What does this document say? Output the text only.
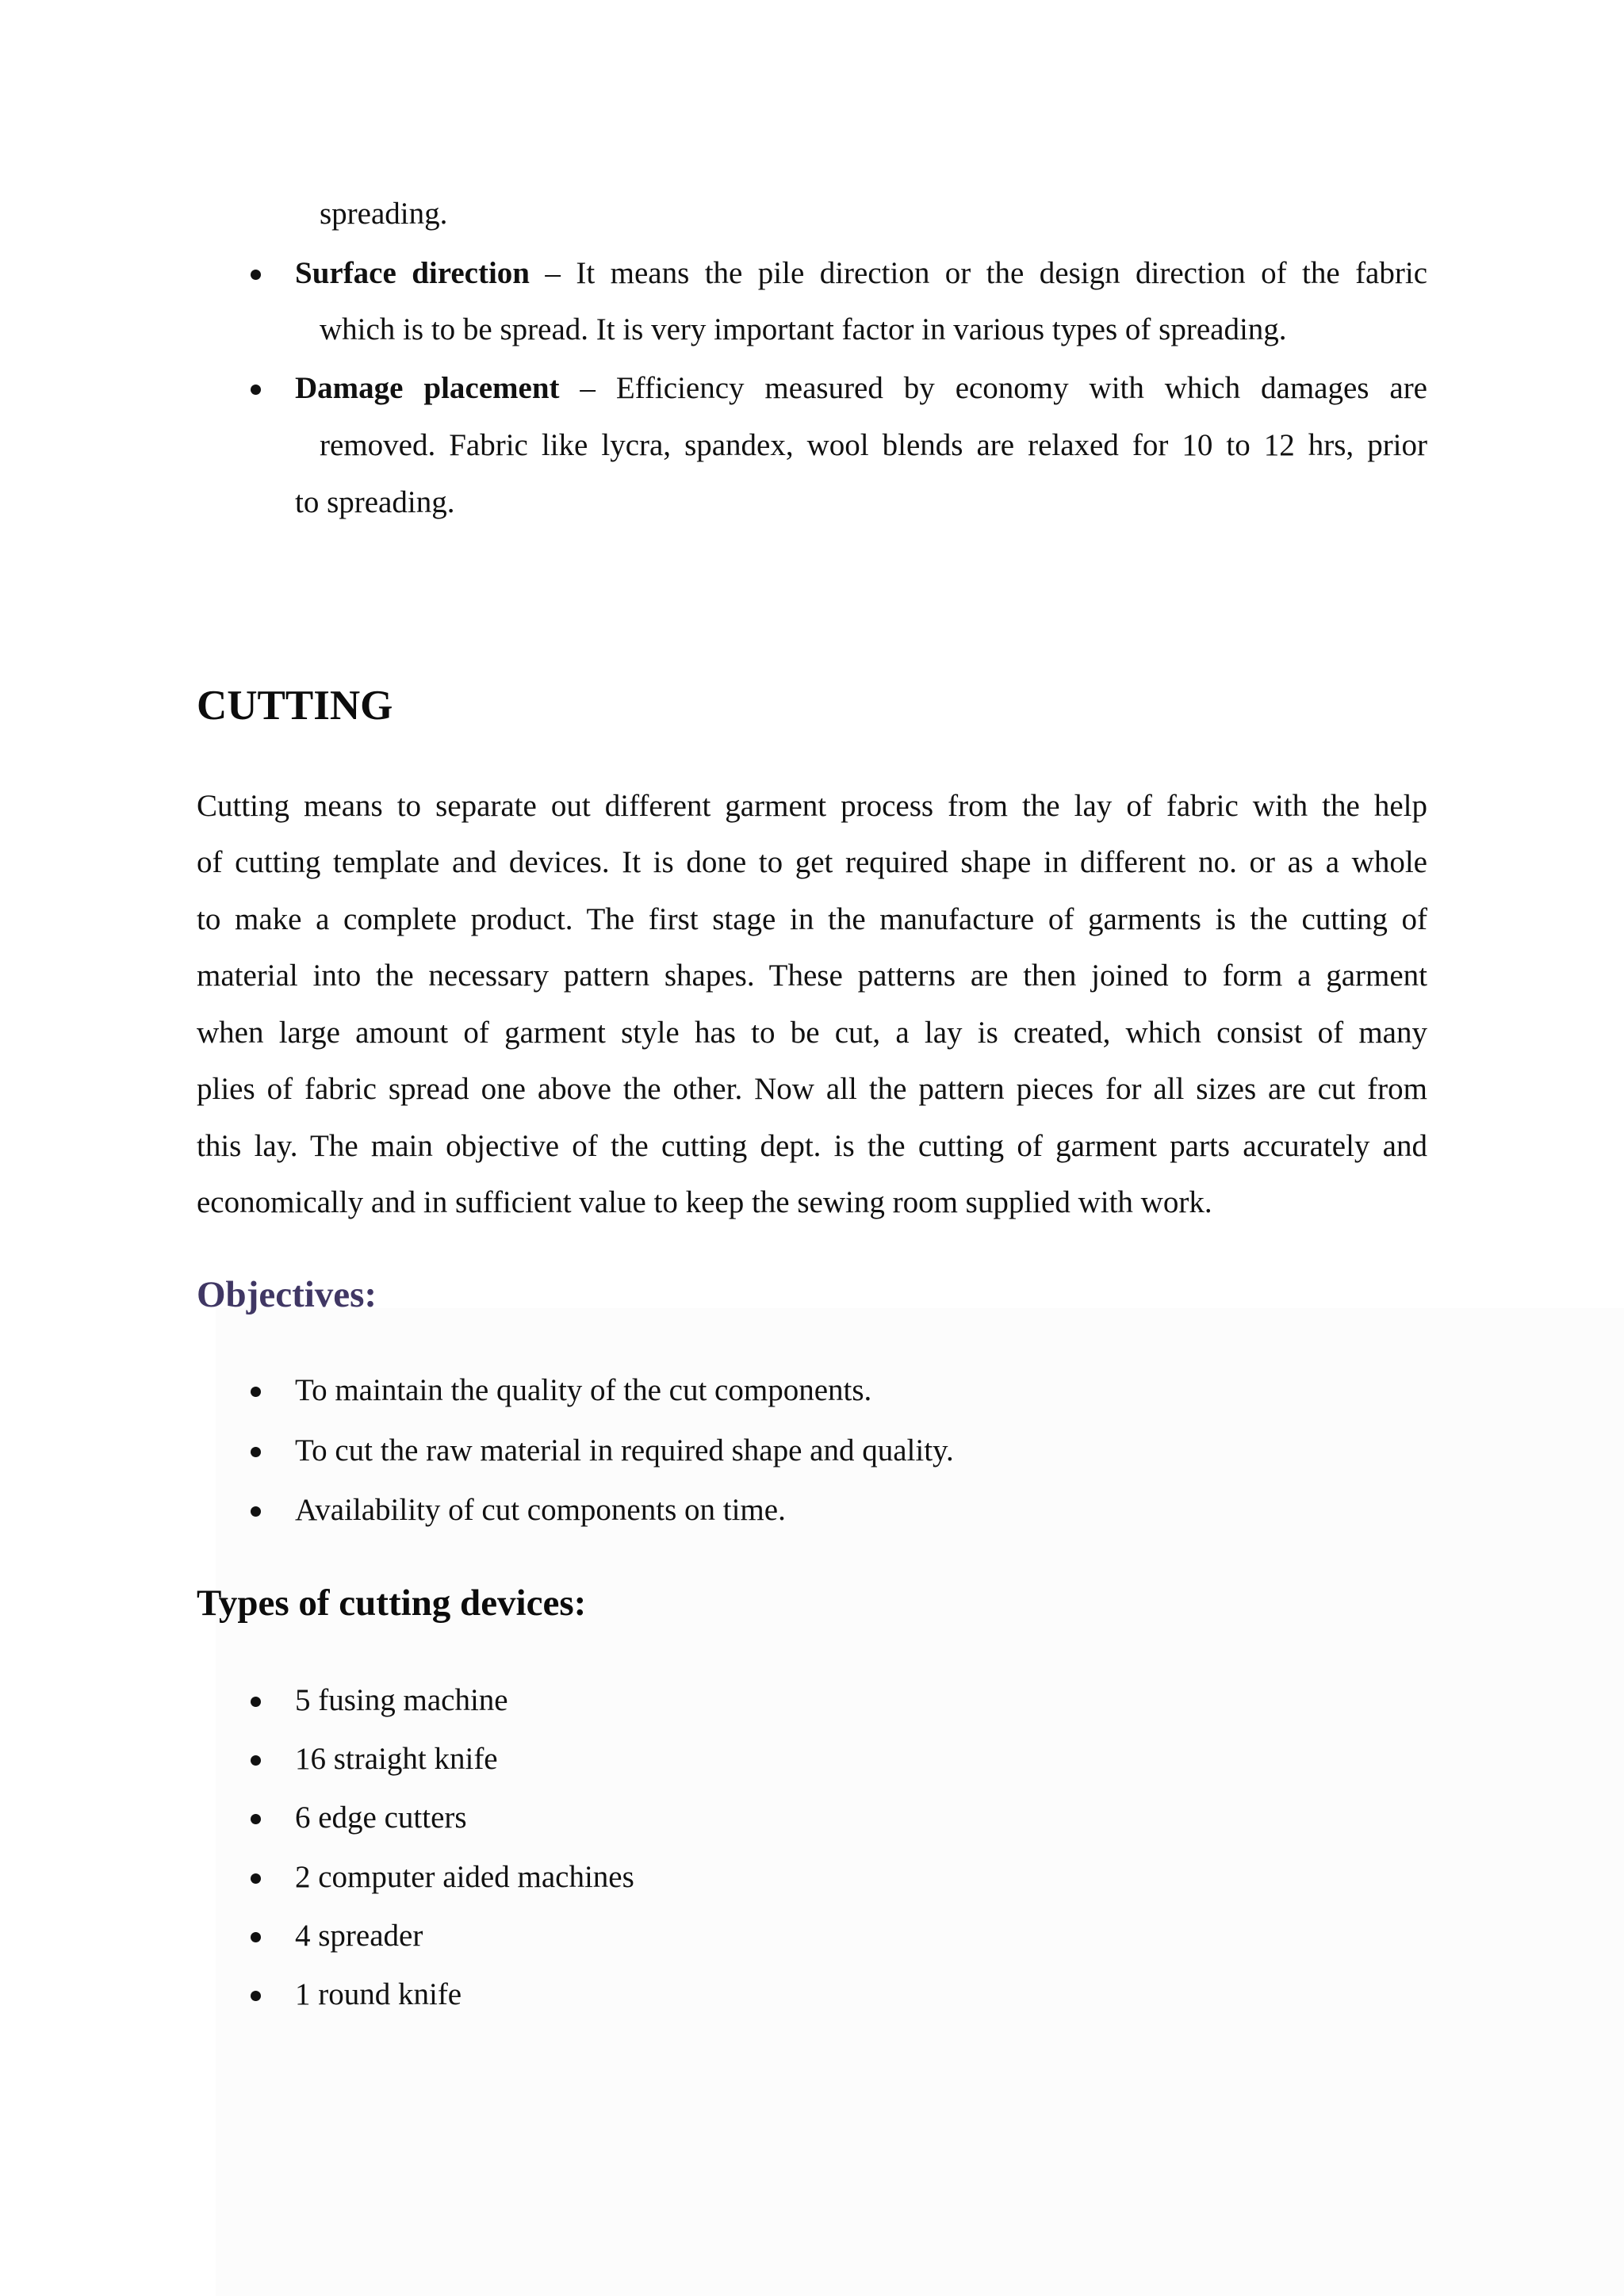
spreading.
Surface direction – It means the pile direction or the design direction of the fabric
which is to be spread. It is very important factor in various types of spreading.
Damage placement – Efficiency measured by economy with which damages are
removed. Fabric like lycra, spandex, wool blends are relaxed for 10 to 12 hrs, prior
to spreading.
CUTTING
Cutting means to separate out different garment process from the lay of fabric with the help
of cutting template and devices. It is done to get required shape in different no. or as a whole
to make a complete product. The first stage in the manufacture of garments is the cutting of
material into the necessary pattern shapes. These patterns are then joined to form a garment
when large amount of garment style has to be cut, a lay is created, which consist of many
plies of fabric spread one above the other. Now all the pattern pieces for all sizes are cut from
this lay. The main objective of the cutting dept. is the cutting of garment parts accurately and
economically and in sufficient value to keep the sewing room supplied with work.
Objectives:
To maintain the quality of the cut components.
To cut the raw material in required shape and quality.
Availability of cut components on time.
Types of cutting devices:
5 fusing machine
16 straight knife
6 edge cutters
2 computer aided machines
4 spreader
1 round knife
